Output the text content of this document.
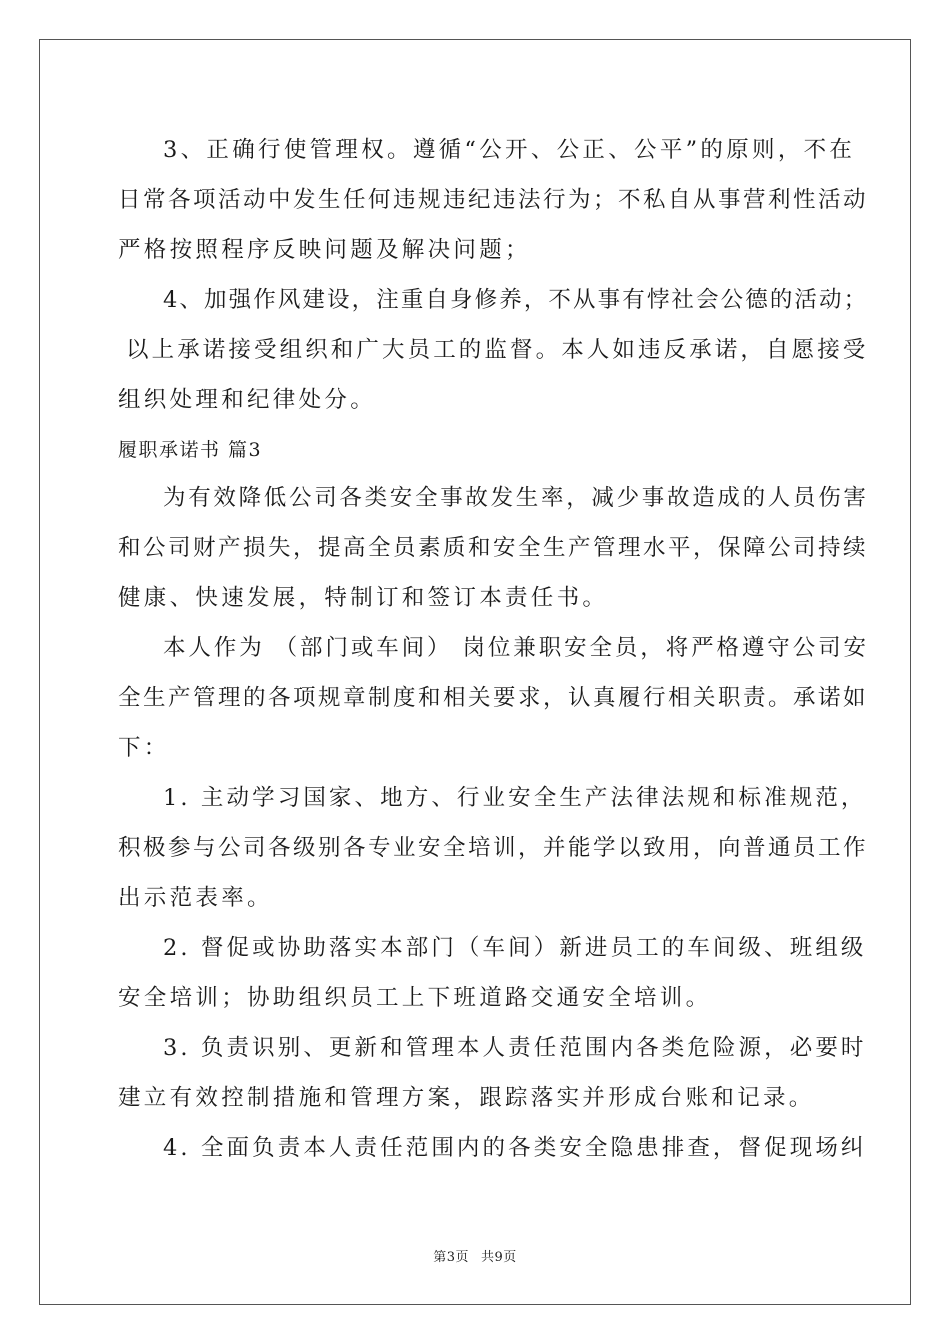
3、正确行使管理权。遵循“公开、公正、公平”的原则，不在
日常各项活动中发生任何违规违纪违法行为；不私自从事营利性活动
严格按照程序反映问题及解决问题；
4、加强作风建设，注重自身修养，不从事有悖社会公德的活动；
以上承诺接受组织和广大员工的监督。本人如违反承诺，自愿接受
组织处理和纪律处分。
履职承诺书 篇3
为有效降低公司各类安全事故发生率，减少事故造成的人员伤害
和公司财产损失，提高全员素质和安全生产管理水平，保障公司持续
健康、快速发展，特制订和签订本责任书。
本人作为 （部门或车间） 岗位兼职安全员，将严格遵守公司安
全生产管理的各项规章制度和相关要求，认真履行相关职责。承诺如
下：
1. 主动学习国家、地方、行业安全生产法律法规和标准规范，
积极参与公司各级别各专业安全培训，并能学以致用，向普通员工作
出示范表率。
2. 督促或协助落实本部门（车间）新进员工的车间级、班组级
安全培训；协助组织员工上下班道路交通安全培训。
3. 负责识别、更新和管理本人责任范围内各类危险源，必要时
建立有效控制措施和管理方案，跟踪落实并形成台账和记录。
4. 全面负责本人责任范围内的各类安全隐患排查，督促现场纠
第3页 共9页
